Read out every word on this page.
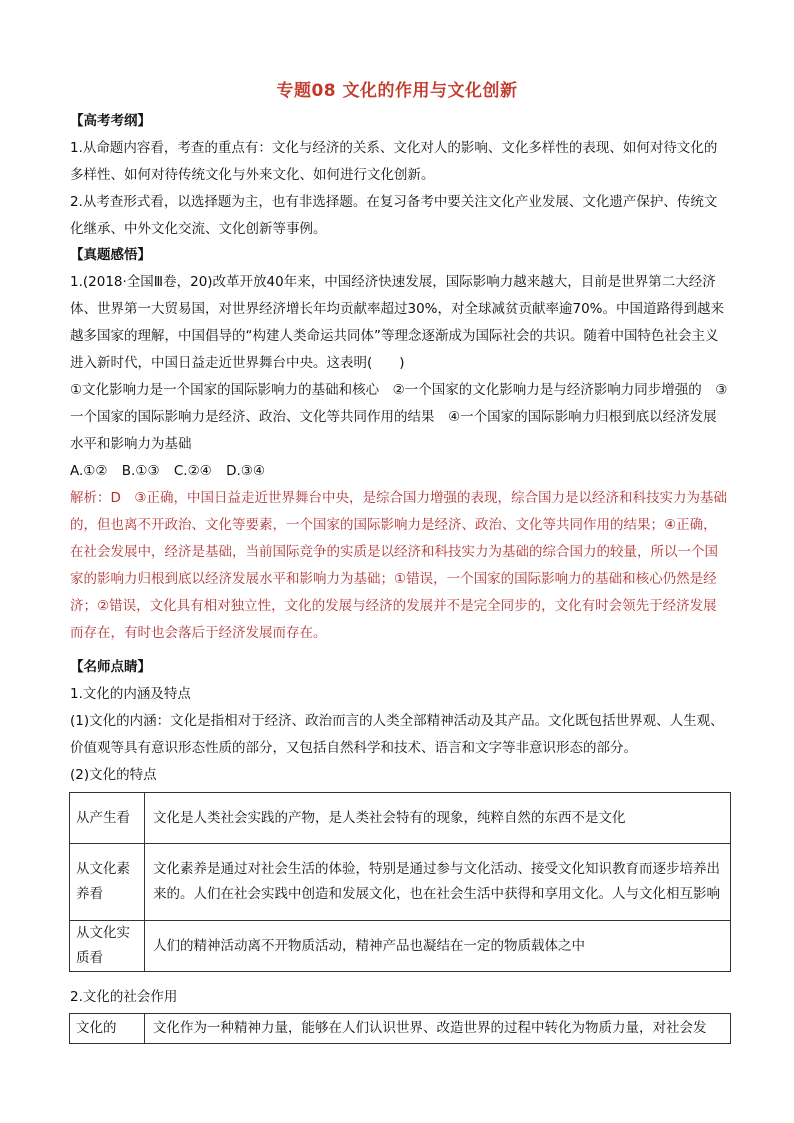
专题08 文化的作用与文化创新

【高考考纲】

1.从命题内容看，考查的重点有：文化与经济的关系、文化对人的影响、文化多样性的表现、如何对待文化的多样性、如何对待传统文化与外来文化、如何进行文化创新。

2.从考查形式看，以选择题为主，也有非选择题。在复习备考中要关注文化产业发展、文化遗产保护、传统文化继承、中外文化交流、文化创新等事例。

【真题感悟】

1.(2018·全国Ⅲ卷，20)改革开放40年来，中国经济快速发展，国际影响力越来越大，目前是世界第二大经济体、世界第一大贸易国，对世界经济增长年均贡献率超过30%，对全球减贫贡献率逾70%。中国道路得到越来越多国家的理解，中国倡导的“构建人类命运共同体”等理念逐渐成为国际社会的共识。随着中国特色社会主义进入新时代，中国日益走近世界舞台中央。这表明(　　)

①文化影响力是一个国家的国际影响力的基础和核心　②一个国家的文化影响力是与经济影响力同步增强的　③一个国家的国际影响力是经济、政治、文化等共同作用的结果　④一个国家的国际影响力归根到底以经济发展水平和影响力为基础

A.①② B.①③ C.②④ D.③④

解析：D　③正确，中国日益走近世界舞台中央，是综合国力增强的表现，综合国力是以经济和科技实力为基础的，但也离不开政治、文化等要素，一个国家的国际影响力是经济、政治、文化等共同作用的结果；④正确，在社会发展中，经济是基础，当前国际竞争的实质是以经济和科技实力为基础的综合国力的较量，所以一个国家的影响力归根到底以经济发展水平和影响力为基础；①错误，一个国家的国际影响力的基础和核心仍然是经济；②错误，文化具有相对独立性，文化的发展与经济的发展并不是完全同步的，文化有时会领先于经济发展而存在，有时也会落后于经济发展而存在。

【名师点睛】

1.文化的内涵及特点

(1)文化的内涵：文化是指相对于经济、政治而言的人类全部精神活动及其产品。文化既包括世界观、人生观、价值观等具有意识形态性质的部分，又包括自然科学和技术、语言和文字等非意识形态的部分。

(2)文化的特点

从产生看	文化是人类社会实践的产物，是人类社会特有的现象，纯粹自然的东西不是文化
从文化素养看	文化素养是通过对社会生活的体验，特别是通过参与文化活动、接受文化知识教育而逐步培养出来的。人们在社会实践中创造和发展文化，也在社会生活中获得和享用文化。人与文化相互影响
从文化实质看	人们的精神活动离不开物质活动，精神产品也凝结在一定的物质载体之中

2.文化的社会作用

文化的	文化作为一种精神力量，能够在人们认识世界、改造世界的过程中转化为物质力量，对社会发
